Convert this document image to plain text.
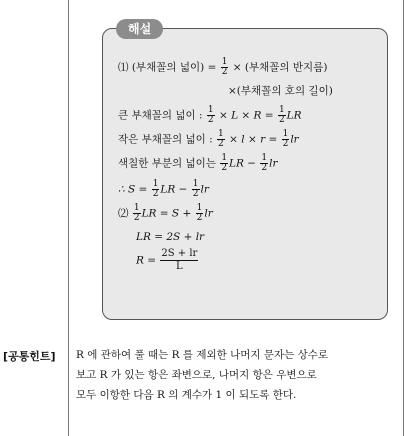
해설
⑴ (부채꼴의 넓이) = $\frac{1}{2}$ × (부채꼴의 반지름)
×(부채꼴의 호의 길이)
큰 부채꼴의 넓이 : $\frac{1}{2} \times L \times R = \frac{1}{2}$ LR
작은 부채꼴의 넓이 : $\frac{1}{2} \times l \times r = \frac{1}{2}$ lr
색칠한 부분의 넓이는 $\frac{1}{2}$ LR − $\frac{1}{2}$ lr
∴ $S = \frac{1}{2}$ LR − $\frac{1}{2}$ lr
⑵ $\frac{1}{2}$ LR = $S + \frac{1}{2}$ lr
LR = 2S + lr
$R = \frac{2S + lr}{L}$
[공통힌트] R 에 관하여 풀 때는 R 를 제외한 나머지 문자는 상수로
보고 R 가 있는 항은 좌변으로, 나머지 항은 우변으로
모두 이항한 다음 R 의 계수가 1 이 되도록 한다.
